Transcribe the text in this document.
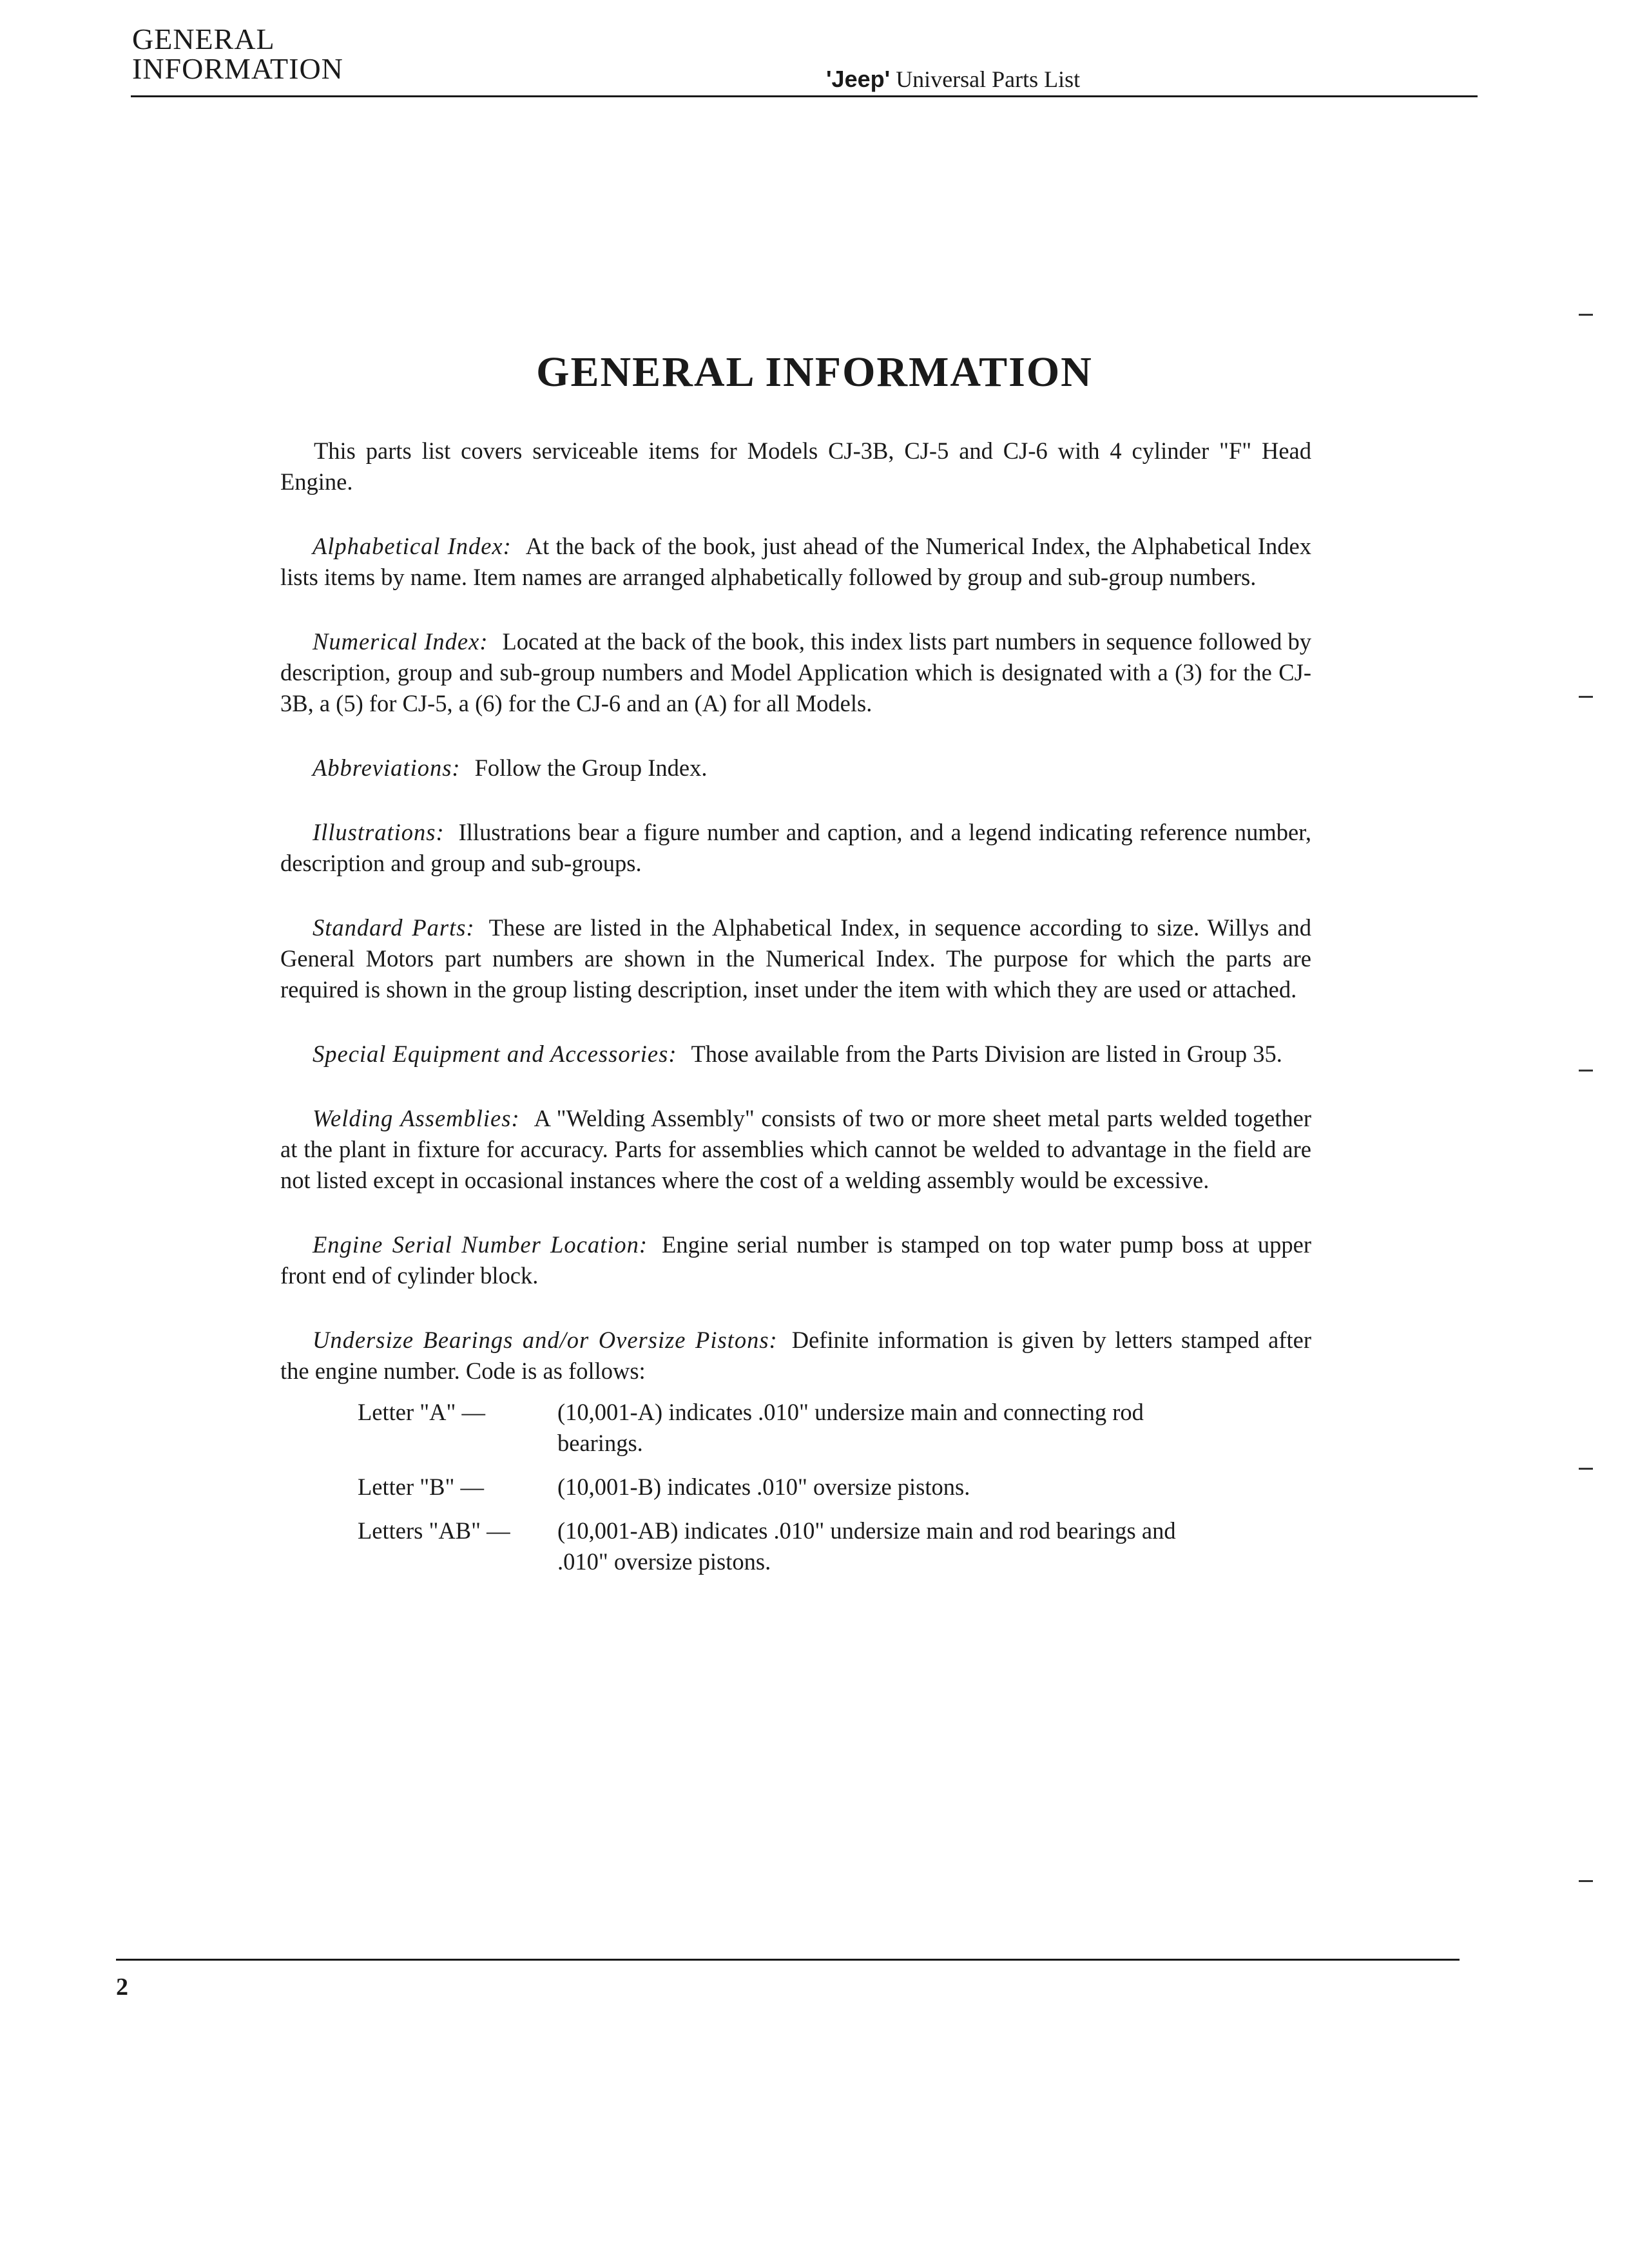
GENERAL
INFORMATION	'Jeep' Universal Parts List
GENERAL INFORMATION

This parts list covers serviceable items for Models CJ-3B, CJ-5 and CJ-6 with 4 cylinder "F" Head Engine.

Alphabetical Index: At the back of the book, just ahead of the Numerical Index, the Alphabetical Index lists items by name. Item names are arranged alphabetically followed by group and sub-group numbers.

Numerical Index: Located at the back of the book, this index lists part numbers in sequence followed by description, group and sub-group numbers and Model Application which is designated with a (3) for the CJ-3B, a (5) for CJ-5, a (6) for the CJ-6 and an (A) for all Models.

Abbreviations: Follow the Group Index.

Illustrations: Illustrations bear a figure number and caption, and a legend indicating reference number, description and group and sub-groups.

Standard Parts: These are listed in the Alphabetical Index, in sequence according to size. Willys and General Motors part numbers are shown in the Numerical Index. The purpose for which the parts are required is shown in the group listing description, inset under the item with which they are used or attached.

Special Equipment and Accessories: Those available from the Parts Division are listed in Group 35.

Welding Assemblies: A "Welding Assembly" consists of two or more sheet metal parts welded together at the plant in fixture for accuracy. Parts for assemblies which cannot be welded to advantage in the field are not listed except in occasional instances where the cost of a welding assembly would be excessive.

Engine Serial Number Location: Engine serial number is stamped on top water pump boss at upper front end of cylinder block.

Undersize Bearings and/or Oversize Pistons: Definite information is given by letters stamped after the engine number. Code is as follows:

Letter "A" —	(10,001-A) indicates .010" undersize main and connecting rod bearings.
Letter "B" —	(10,001-B) indicates .010" oversize pistons.
Letters "AB" —	(10,001-AB) indicates .010" undersize main and rod bearings and .010" oversize pistons.
2
